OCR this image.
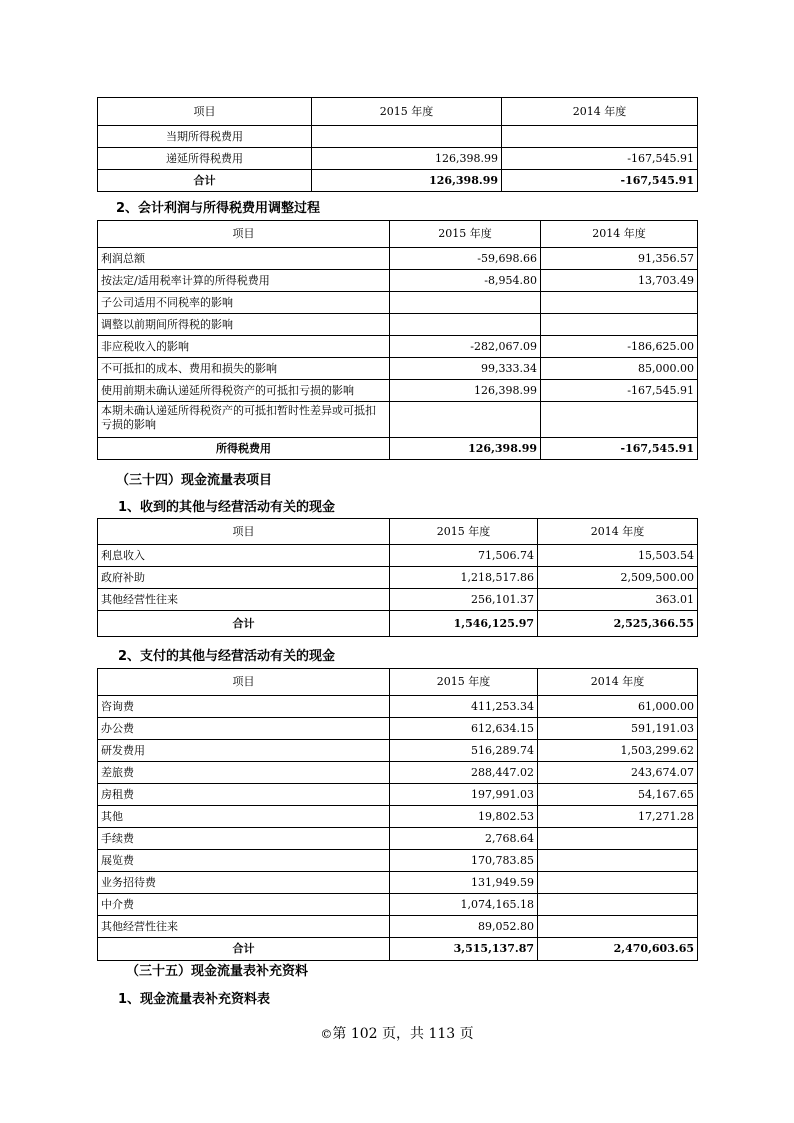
项目	2015 年度	2014 年度
当期所得税费用		
递延所得税费用	126,398.99	-167,545.91
合计	126,398.99	-167,545.91
2、会计利润与所得税费用调整过程
项目	2015 年度	2014 年度
利润总额	-59,698.66	91,356.57
按法定/适用税率计算的所得税费用	-8,954.80	13,703.49
子公司适用不同税率的影响		
调整以前期间所得税的影响		
非应税收入的影响	-282,067.09	-186,625.00
不可抵扣的成本、费用和损失的影响	99,333.34	85,000.00
使用前期未确认递延所得税资产的可抵扣亏损的影响	126,398.99	-167,545.91
本期未确认递延所得税资产的可抵扣暂时性差异或可抵扣亏损的影响		
所得税费用	126,398.99	-167,545.91
（三十四）现金流量表项目
1、收到的其他与经营活动有关的现金
项目	2015 年度	2014 年度
利息收入	71,506.74	15,503.54
政府补助	1,218,517.86	2,509,500.00
其他经营性往来	256,101.37	363.01
合计	1,546,125.97	2,525,366.55
2、支付的其他与经营活动有关的现金
项目	2015 年度	2014 年度
咨询费	411,253.34	61,000.00
办公费	612,634.15	591,191.03
研发费用	516,289.74	1,503,299.62
差旅费	288,447.02	243,674.07
房租费	197,991.03	54,167.65
其他	19,802.53	17,271.28
手续费	2,768.64	
展览费	170,783.85	
业务招待费	131,949.59	
中介费	1,074,165.18	
其他经营性往来	89,052.80	
合计	3,515,137.87	2,470,603.65
（三十五）现金流量表补充资料
1、现金流量表补充资料表
©第 102 页，共 113 页
